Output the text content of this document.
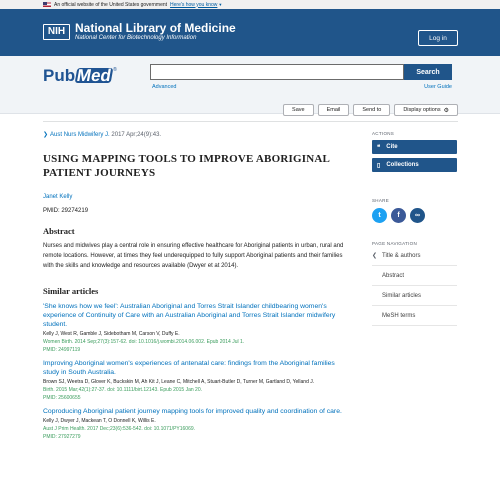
An official website of the United States government Here's how you know ▼
NIH National Library of Medicine
National Center for Biotechnology Information	Log in
Pub Med ®	Search
Advanced	User Guide
Save	Email	Send to	Display options ⚙
❯ Aust Nurs Midwifery J. 2017 Apr;24(9):43.
USING MAPPING TOOLS TO IMPROVE ABORIGINAL PATIENT JOURNEYS
Janet Kelly
PMID: 29274219
Abstract
Nurses and midwives play a central role in ensuring effective healthcare for Aboriginal patients in urban, rural and remote locations. However, at times they feel underequipped to fully support Aboriginal patients and their families with the skills and knowledge and resources available (Dwyer et at 2014).
Similar articles
'She knows how we feel': Australian Aboriginal and Torres Strait Islander childbearing women's experience of Continuity of Care with an Australian Aboriginal and Torres Strait Islander midwifery student.
Kelly J, West R, Gamble J, Sidebotham M, Carson V, Duffy E.
Women Birth. 2014 Sep;27(3):157-62. doi: 10.1016/j.wombi.2014.06.002. Epub 2014 Jul 1.
PMID: 24997119
Improving Aboriginal women's experiences of antenatal care: findings from the Aboriginal families study in South Australia.
Brown SJ, Weetra D, Glover K, Buckskin M, Ah Kit J, Leane C, Mitchell A, Stuart-Butler D, Turner M, Gartland D, Yelland J.
Birth. 2015 Mar;42(1):27-37. doi: 10.1111/birt.12143. Epub 2015 Jan 20.
PMID: 25600655
Coproducing Aboriginal patient journey mapping tools for improved quality and coordination of care.
Kelly J, Dwyer J, Mackean T, O Donnell K, Willis E.
Aust J Prim Health. 2017 Dec;23(6):536-542. doi: 10.1071/PY16069.
PMID: 27927279
ACTIONS
❝ Cite
▯ Collections
SHARE
t	f	∞
PAGE NAVIGATION
❮ Title & authors
Abstract
Similar articles
MeSH terms
